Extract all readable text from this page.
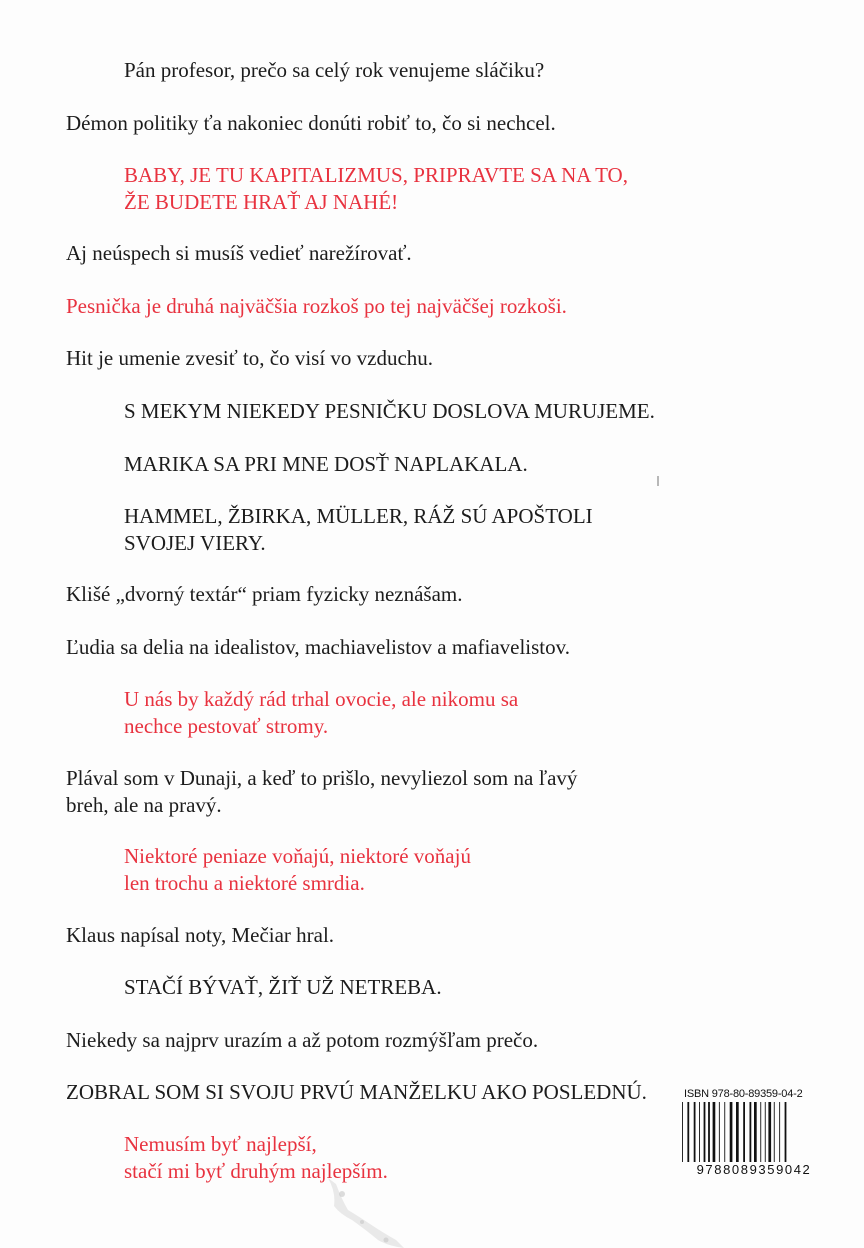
Pán profesor, prečo sa celý rok venujeme sláčiku?

Démon politiky ťa nakoniec donúti robiť to, čo si nechcel.

BABY, JE TU KAPITALIZMUS, PRIPRAVTE SA NA TO,
ŽE BUDETE HRAŤ AJ NAHÉ!

Aj neúspech si musíš vedieť narežírovať.

Pesnička je druhá najväčšia rozkoš po tej najväčšej rozkoši.

Hit je umenie zvesiť to, čo visí vo vzduchu.

S MEKYM NIEKEDY PESNIČKU DOSLOVA MURUJEME.

MARIKA SA PRI MNE DOSŤ NAPLAKALA.

HAMMEL, ŽBIRKA, MÜLLER, RÁŽ SÚ APOŠTOLI
SVOJEJ VIERY.

Klišé „dvorný textár“ priam fyzicky neznášam.

Ľudia sa delia na idealistov, machiavelistov a mafiavelistov.

U nás by každý rád trhal ovocie, ale nikomu sa
nechce pestovať stromy.

Plával som v Dunaji, a keď to prišlo, nevyliezol som na ľavý
breh, ale na pravý.

Niektoré peniaze voňajú, niektoré voňajú
len trochu a niektoré smrdia.

Klaus napísal noty, Mečiar hral.

STAČÍ BÝVAŤ, ŽIŤ UŽ NETREBA.

Niekedy sa najprv urazím a až potom rozmýšľam prečo.

ZOBRAL SOM SI SVOJU PRVÚ MANŽELKU AKO POSLEDNÚ.

Nemusím byť najlepší,
stačí mi byť druhým najlepším.

ISBN 978-80-89359-04-2
9788089359042
